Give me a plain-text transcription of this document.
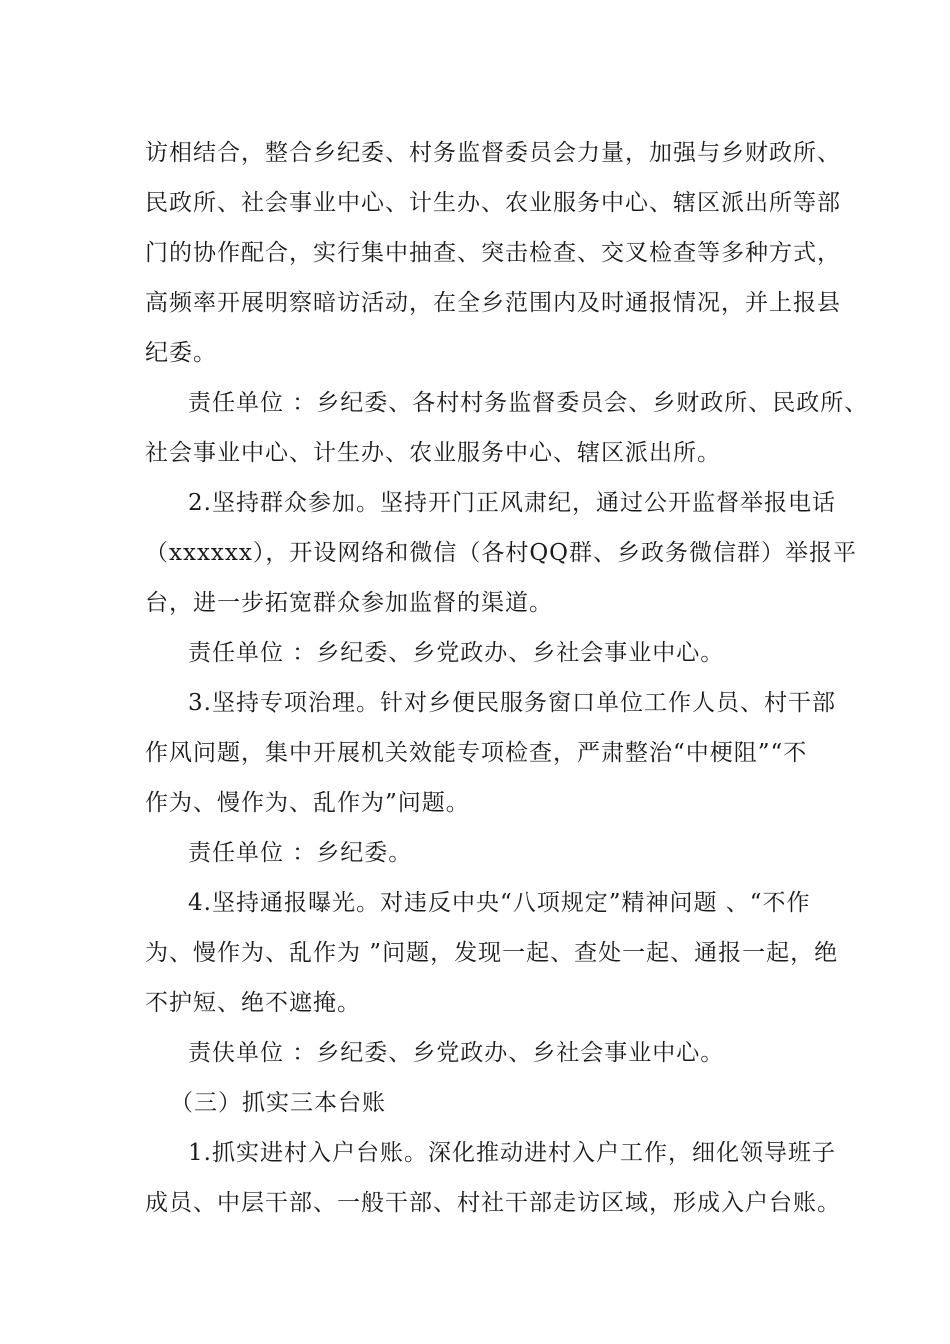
访相结合，整合乡纪委、村务监督委员会力量，加强与乡财政所、
民政所、社会事业中心、计生办、农业服务中心、辖区派出所等部
门的协作配合，实行集中抽查、突击检查、交叉检查等多种方式，
高频率开展明察暗访活动，在全乡范围内及时通报情况，并上报县
纪委。
责任单位 ：乡纪委、各村村务监督委员会、乡财政所、民政所、
社会事业中心、计生办、农业服务中心、辖区派出所。
2.坚持群众参加。坚持开门正风肃纪，通过公开监督举报电话
（xxxxxx），开设网络和微信（各村QQ群、乡政务微信群）举报平
台，进一步拓宽群众参加监督的渠道。
责任单位 ：乡纪委、乡党政办、乡社会事业中心。
3.坚持专项治理。针对乡便民服务窗口单位工作人员、村干部
作风问题，集中开展机关效能专项检查，严肃整治“中梗阻”“不
作为、慢作为、乱作为”问题。
责任单位 ：乡纪委。
4.坚持通报曝光。对违反中央“八项规定”精神问题 、“不作
为、慢作为、乱作为 ”问题，发现一起、查处一起、通报一起，绝
不护短、绝不遮掩。
责伕单位 ：乡纪委、乡党政办、乡社会事业中心。
（三）抓实三本台账
1.抓实进村入户台账。深化推动进村入户工作，细化领导班子
成员、中层干部、一般干部、村社干部走访区域，形成入户台账。
